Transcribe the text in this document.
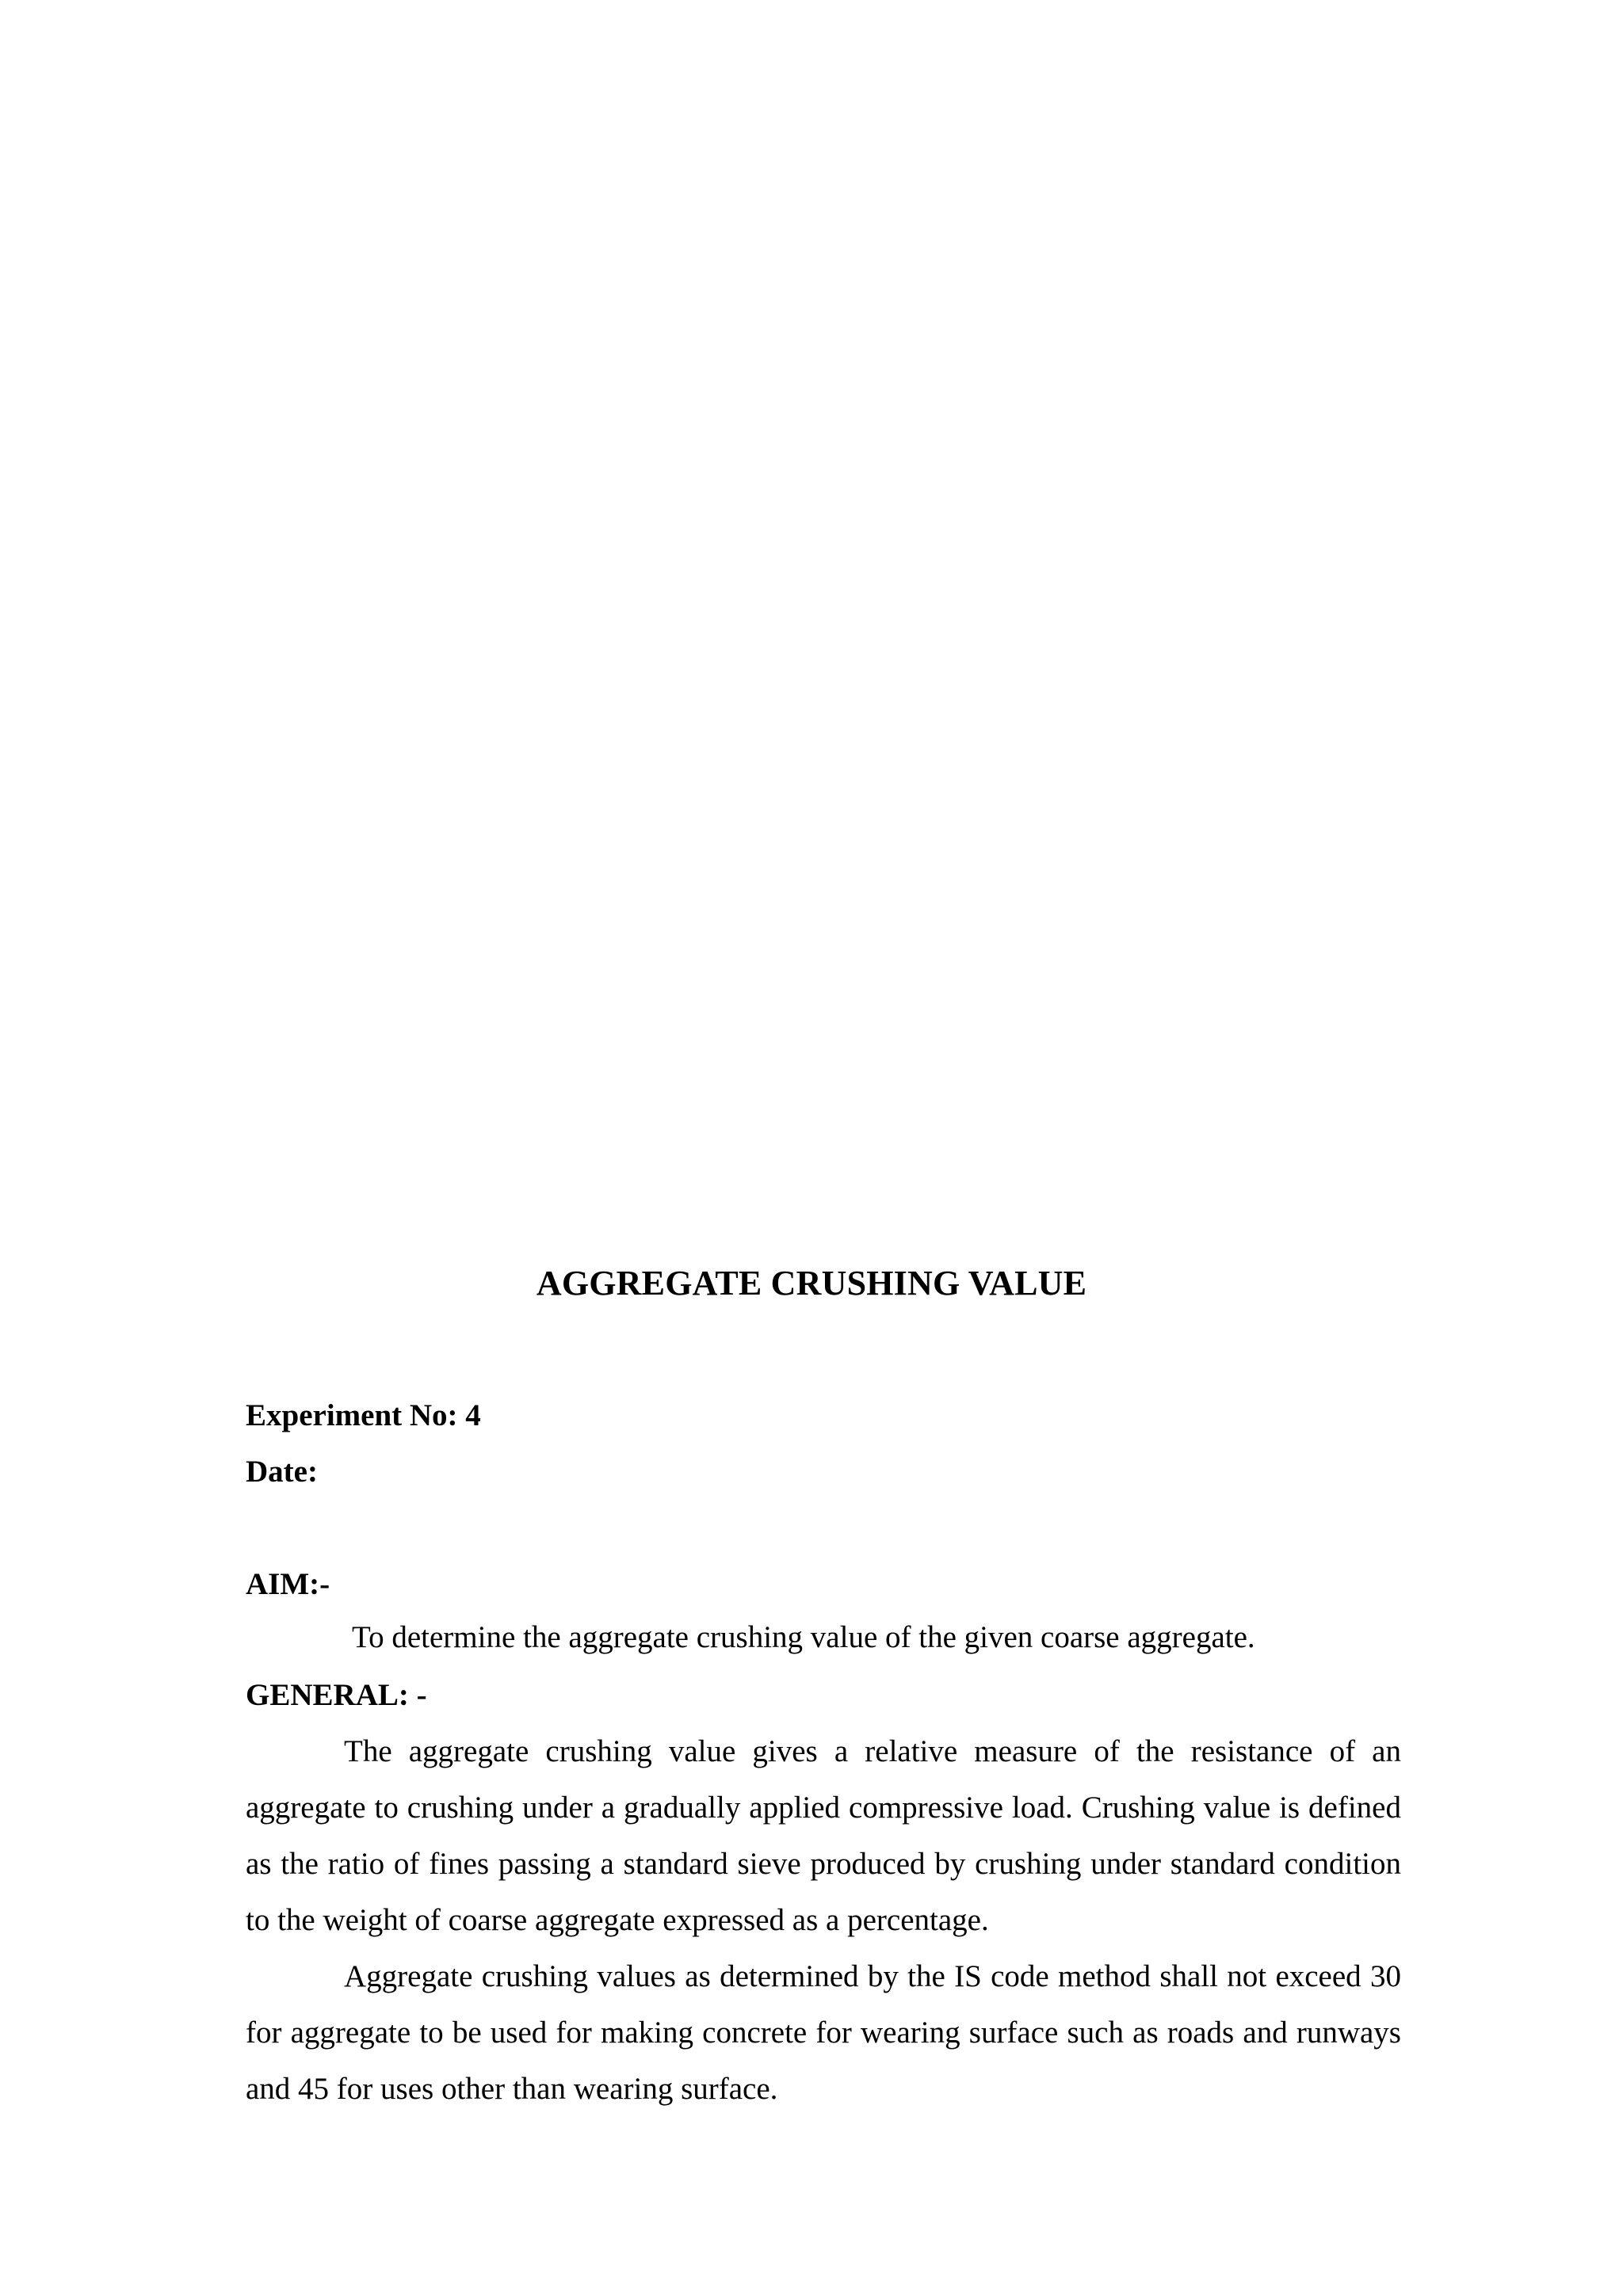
AGGREGATE CRUSHING VALUE
Experiment No: 4
Date:
AIM:-
To determine the aggregate crushing value of the given coarse aggregate.
GENERAL: -

The aggregate crushing value gives a relative measure of the resistance of an aggregate to crushing under a gradually applied compressive load. Crushing value is defined as the ratio of fines passing a standard sieve produced by crushing under standard condition to the weight of coarse aggregate expressed as a percentage.

Aggregate crushing values as determined by the IS code method shall not exceed 30 for aggregate to be used for making concrete for wearing surface such as roads and runways and 45 for uses other than wearing surface.
